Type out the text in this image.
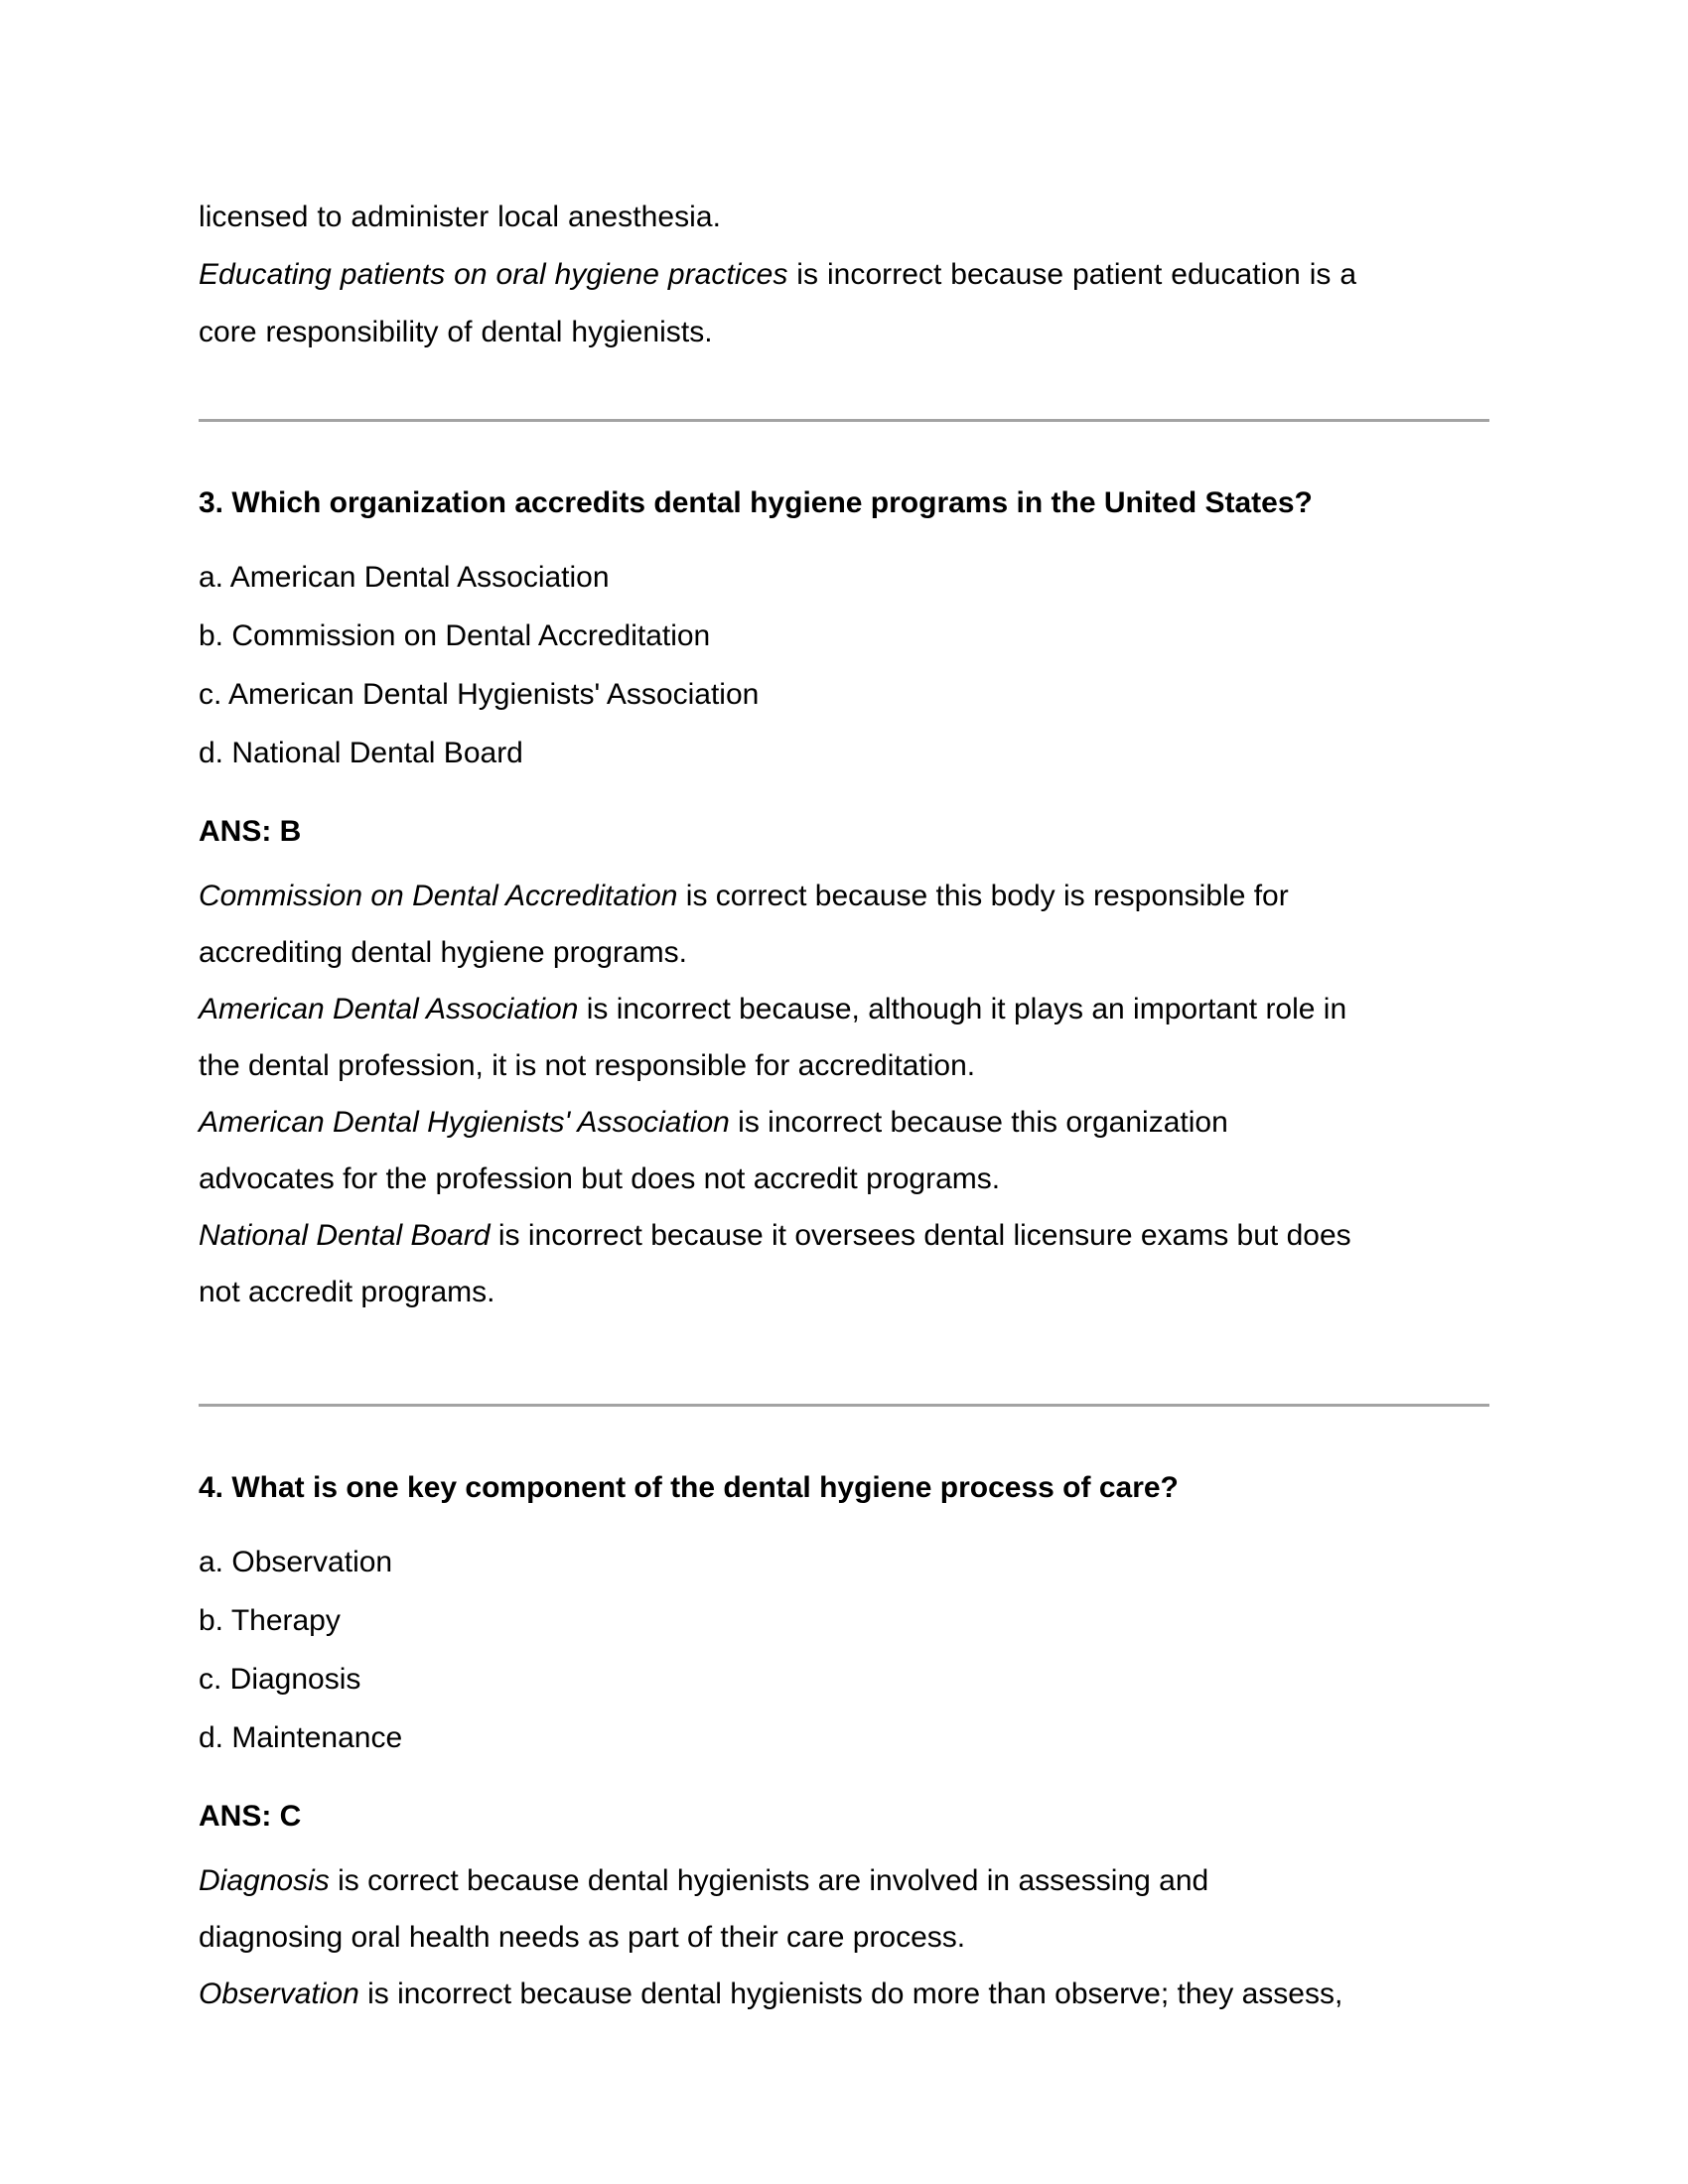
licensed to administer local anesthesia.

Educating patients on oral hygiene practices is incorrect because patient education is a

core responsibility of dental hygienists.

3. Which organization accredits dental hygiene programs in the United States?
a. American Dental Association
b. Commission on Dental Accreditation
c. American Dental Hygienists' Association
d. National Dental Board

ANS: B

Commission on Dental Accreditation is correct because this body is responsible for

accrediting dental hygiene programs.

American Dental Association is incorrect because, although it plays an important role in

the dental profession, it is not responsible for accreditation.

American Dental Hygienists' Association is incorrect because this organization

advocates for the profession but does not accredit programs.

National Dental Board is incorrect because it oversees dental licensure exams but does

not accredit programs.

4. What is one key component of the dental hygiene process of care?
a. Observation
b. Therapy
c. Diagnosis
d. Maintenance

ANS: C

Diagnosis is correct because dental hygienists are involved in assessing and

diagnosing oral health needs as part of their care process.

Observation is incorrect because dental hygienists do more than observe; they assess,
